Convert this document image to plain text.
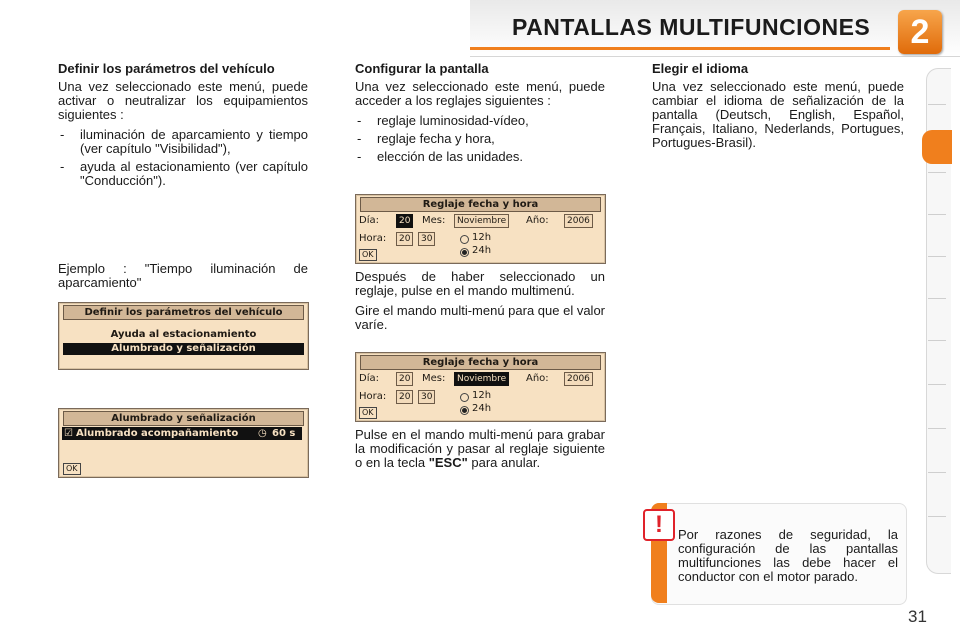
PANTALLAS MULTIFUNCIONES	2
Definir los parámetros del vehículo

Una vez seleccionado este menú, puede activar o neutralizar los equipamientos siguientes :

- iluminación de aparcamiento y tiempo (ver capítulo "Visibilidad"),
- ayuda al estacionamiento (ver capítulo "Conducción").

Ejemplo : "Tiempo iluminación de aparcamiento"

Definir los parámetros del vehículo
Ayuda al estacionamiento
Alumbrado y señalización
Alumbrado y señalización
☑ Alumbrado acompañamiento ◷ 60 s
OK
Configurar la pantalla

Una vez seleccionado este menú, puede acceder a los reglajes siguientes :

- reglaje luminosidad-vídeo,
- reglaje fecha y hora,
- elección de las unidades.
Reglaje fecha y hora
Día:	20	Mes:	Noviembre	Año:	2006
Hora:	20	30	12h
24h
OK

Después de haber seleccionado un reglaje, pulse en el mando multimenú.

Gire el mando multi-menú para que el valor varíe.

Reglaje fecha y hora
Día:	20	Mes:	Noviembre	Año:	2006
Hora:	20	30	12h
24h
OK

Pulse en el mando multi-menú para grabar la modificación y pasar al reglaje siguiente o en la tecla "ESC" para anular.

Elegir el idioma

Una vez seleccionado este menú, puede cambiar el idioma de señalización de la pantalla (Deutsch, English, Español, Français, Italiano, Nederlands, Portugues, Portugues-Brasil).

!	Por razones de seguridad, la configuración de las pantallas multifunciones las debe hacer el conductor con el motor parado.
31
